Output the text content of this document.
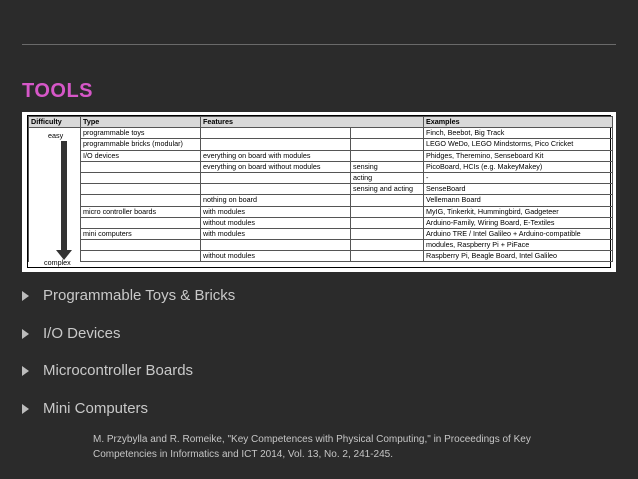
TOOLS
Difficulty	Type	Features		Examples
	programmable toys			Finch, Beebot, Big Track
	programmable bricks (modular)			LEGO WeDo, LEGO Mindstorms, Pico Cricket
	I/O devices	everything on board with modules		Phidges, Theremino, Senseboard Kit
		everything on board without modules	sensing	PicoBoard, HCIs (e.g. MakeyMakey)
			acting	-
			sensing and acting	SenseBoard
		nothing on board		Vellemann Board
	micro controller boards	with modules		MyIG, Tinkerkit, Hummingbird, Gadgeteer
		without modules		Arduino-Family, Wiring Board, E-Textiles
	mini computers	with modules		Arduino TRE / Intel Galileo + Arduino-compatible
				modules, Raspberry Pi + PiFace
		without modules		Raspberry Pi, Beagle Board, Intel Galileo
easy
complex
Programmable Toys & Bricks
I/O Devices
Microcontroller Boards
Mini Computers
M. Przybylla and R. Romeike, "Key Competences with Physical Computing," in Proceedings of Key Competencies in Informatics and ICT 2014, Vol. 13, No. 2, 241-245.
